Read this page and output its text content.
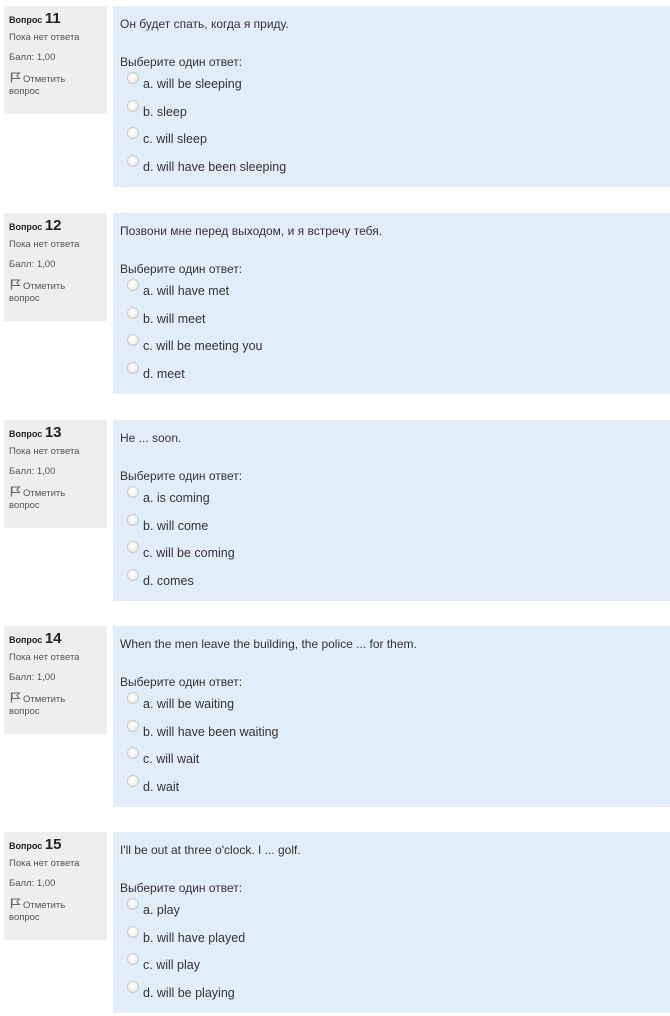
Вопрос 11
Пока нет ответа
Балл: 1,00
Отметить
вопрос
Он будет спать, когда я приду.
Выберите один ответ:
a. will be sleeping
b. sleep
c. will sleep
d. will have been sleeping
Вопрос 12
Пока нет ответа
Балл: 1,00
Отметить
вопрос
Позвони мне перед выходом, и я встречу тебя.
Выберите один ответ:
a. will have met
b. will meet
c. will be meeting you
d. meet
Вопрос 13
Пока нет ответа
Балл: 1,00
Отметить
вопрос
He ... soon.
Выберите один ответ:
a. is coming
b. will come
c. will be coming
d. comes
Вопрос 14
Пока нет ответа
Балл: 1,00
Отметить
вопрос
When the men leave the building, the police ... for them.
Выберите один ответ:
a. will be waiting
b. will have been waiting
c. will wait
d. wait
Вопрос 15
Пока нет ответа
Балл: 1,00
Отметить
вопрос
I'll be out at three o'clock. I ... golf.
Выберите один ответ:
a. play
b. will have played
c. will play
d. will be playing
